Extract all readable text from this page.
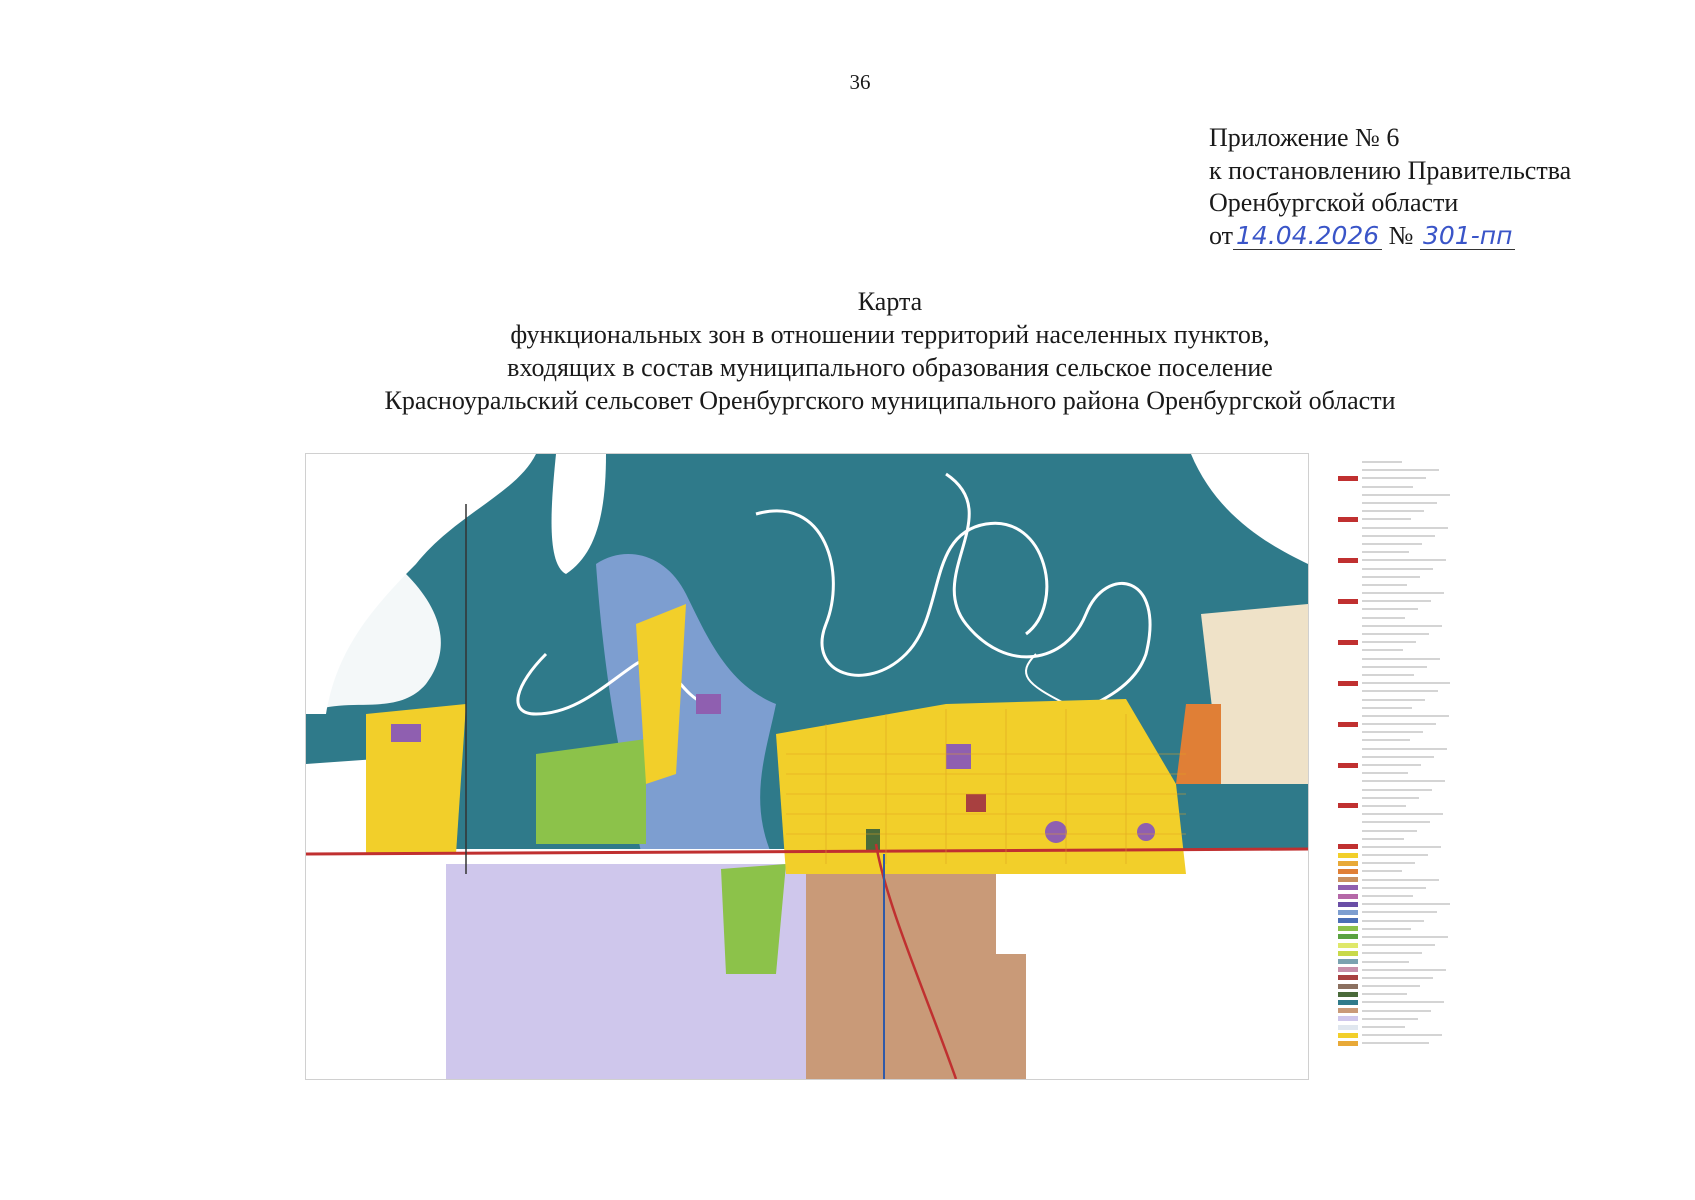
36
Приложение № 6
к постановлению Правительства
Оренбургской области
от 14.04.2026 № 301-пп
Карта
функциональных зон в отношении территорий населенных пунктов,
входящих в состав муниципального образования сельское поселение
Красноуральский сельсовет Оренбургского муниципального района Оренбургской области
